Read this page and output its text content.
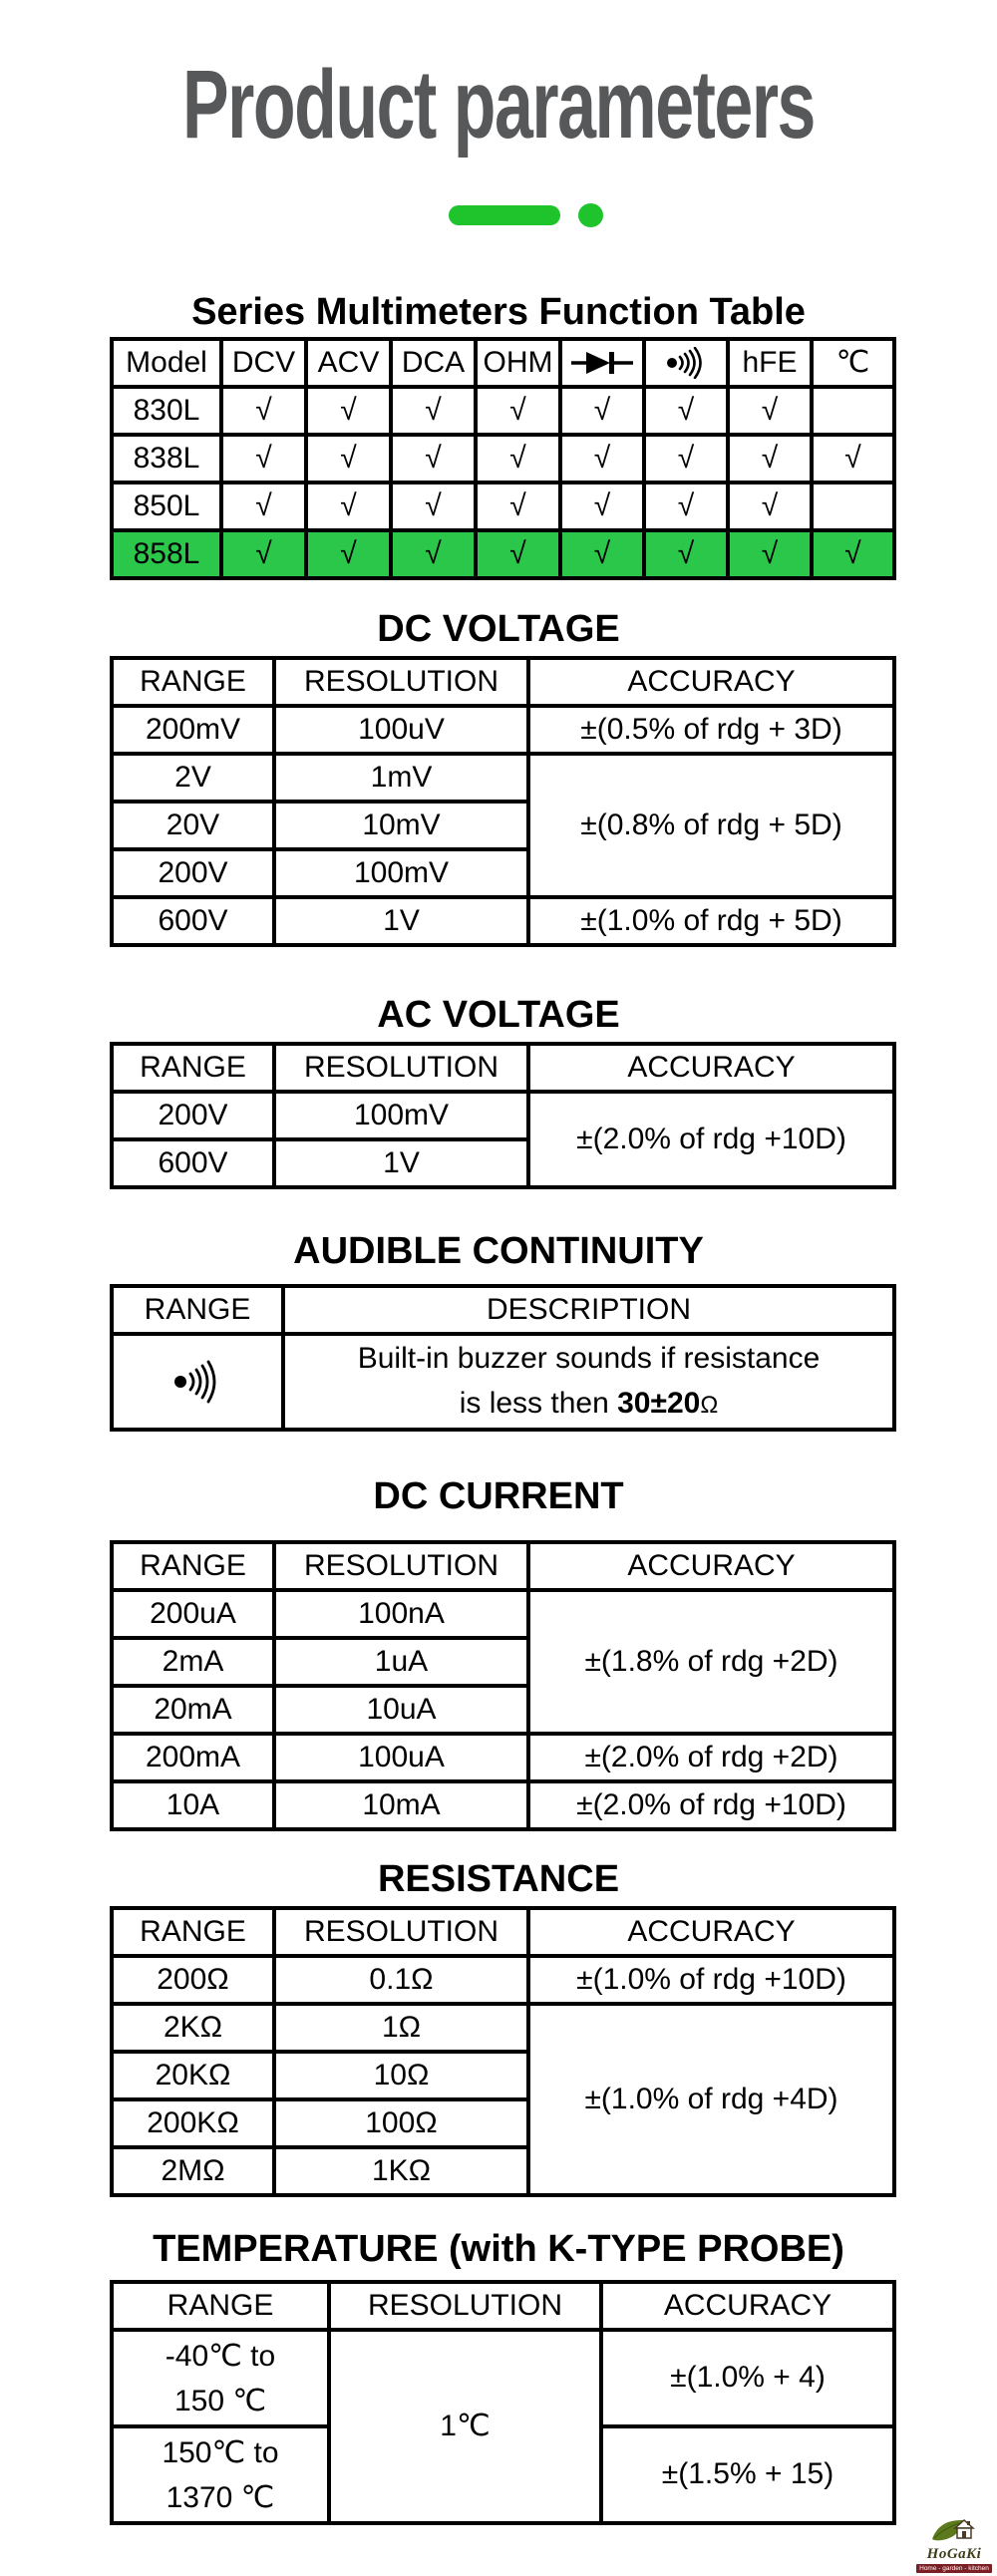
Product parameters
Series Multimeters Function Table
Model	DCV	ACV	DCA	OHM			hFE	℃
830L	√	√	√	√	√	√	√	
838L	√	√	√	√	√	√	√	√
850L	√	√	√	√	√	√	√	
858L	√	√	√	√	√	√	√	√
DC VOLTAGE
RANGE	RESOLUTION	ACCURACY
200mV	100uV	±(0.5% of rdg + 3D)
2V	1mV	±(0.8% of rdg + 5D)
20V	10mV	
200V	100mV	
600V	1V	±(1.0% of rdg + 5D)
AC VOLTAGE
RANGE	RESOLUTION	ACCURACY
200V	100mV	±(2.0% of rdg +10D)
600V	1V	
AUDIBLE CONTINUITY
RANGE	DESCRIPTION

Built-in buzzer sounds if resistance
is less then 30±20Ω
DC CURRENT
RANGE	RESOLUTION	ACCURACY
200uA	100nA	±(1.8% of rdg +2D)
2mA	1uA	
20mA	10uA	
200mA	100uA	±(2.0% of rdg +2D)
10A	10mA	±(2.0% of rdg +10D)
RESISTANCE
RANGE	RESOLUTION	ACCURACY
200Ω	0.1Ω	±(1.0% of rdg +10D)
2KΩ	1Ω	±(1.0% of rdg +4D)
20KΩ	10Ω	
200KΩ	100Ω	
2MΩ	1KΩ	
TEMPERATURE (with K-TYPE PROBE)
RANGE	RESOLUTION	ACCURACY

-40℃ to
150 ℃	1℃	±(1.0% + 4)

150℃ to
1370 ℃		±(1.5% + 15)
HoGaKi
Home - garden - kitchen
